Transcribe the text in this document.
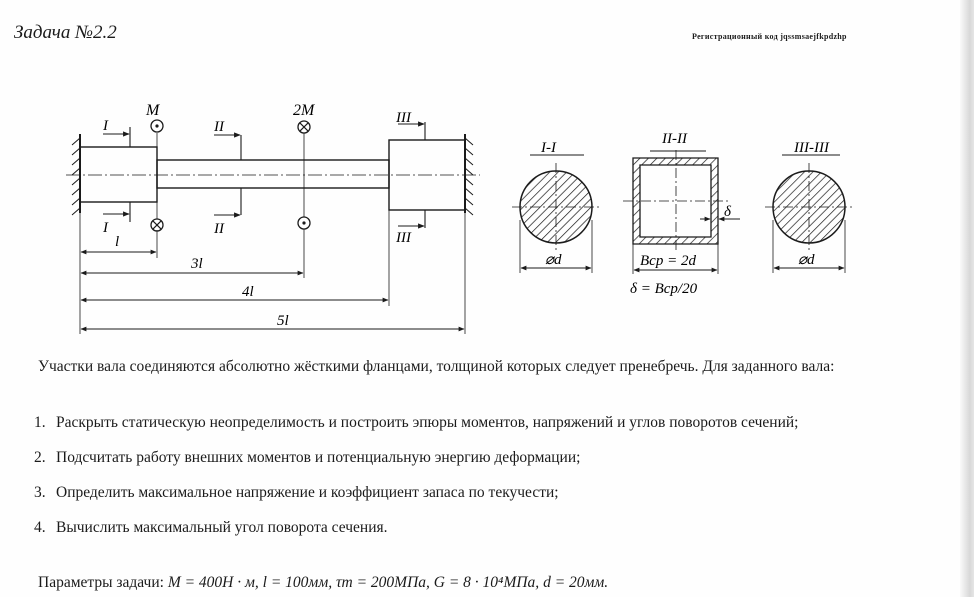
Задача №2.2	Регистрационный код jqssmsaejfkpdzhp
M	2M
I
I
II
II
III
III
l
3l
4l
5l
I-I
⌀d
II-II
δ
Bcp = 2d
δ = Bcp/20
III-III
⌀d

Участки вала соединяются абсолютно жёсткими фланцами, толщиной которых следует пренебречь. Для заданного вала:

1. Раскрыть статическую неопределимость и построить эпюры моментов, напряжений и углов поворотов сечений;
2. Подсчитать работу внешних моментов и потенциальную энергию деформации;
3. Определить максимальное напряжение и коэффициент запаса по текучести;
4. Вычислить максимальный угол поворота сечения.
Параметры задачи: M = 400Н · м, l = 100мм, τт = 200МПа, G = 8 · 10⁴МПа, d = 20мм.
